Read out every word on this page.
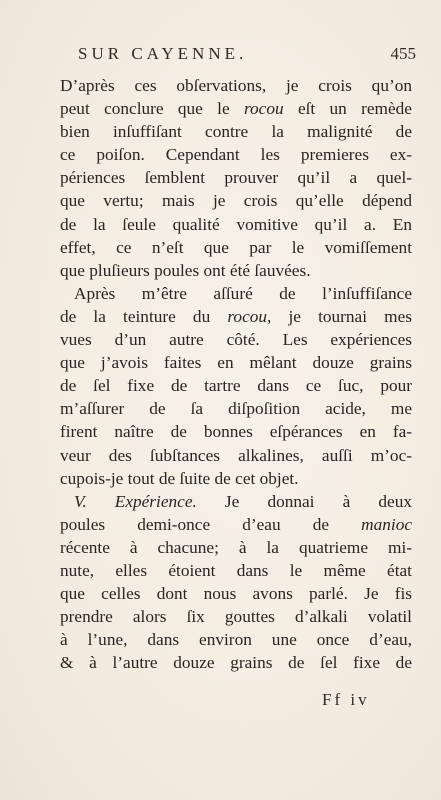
SUR CAYENNE.	455
D’après ces obſervations, je crois qu’on
peut conclure que le rocou eſt un remède
bien inſuffiſant contre la malignité de
ce poiſon. Cependant les premieres ex-
périences ſemblent prouver qu’il a quel-
que vertu; mais je crois qu’elle dépend
de la ſeule qualité vomitive qu’il a. En
effet, ce n’eſt que par le vomiſſement
que pluſieurs poules ont été ſauvées.
Après m’être aſſuré de l’inſuffiſance
de la teinture du rocou, je tournai mes
vues d’un autre côté. Les expériences
que j’avois faites en mêlant douze grains
de ſel fixe de tartre dans ce ſuc, pour
m’aſſurer de ſa diſpoſition acide, me
firent naître de bonnes eſpérances en fa-
veur des ſubſtances alkalines, auſſi m’oc-
cupois-je tout de ſuite de cet objet.
V. Expérience. Je donnai à deux
poules demi-once d’eau de manioc
récente à chacune; à la quatrieme mi-
nute, elles étoient dans le même état
que celles dont nous avons parlé. Je fis
prendre alors ſix gouttes d’alkali volatil
à l’une, dans environ une once d’eau,
& à l’autre douze grains de ſel fixe de
Ff iv
